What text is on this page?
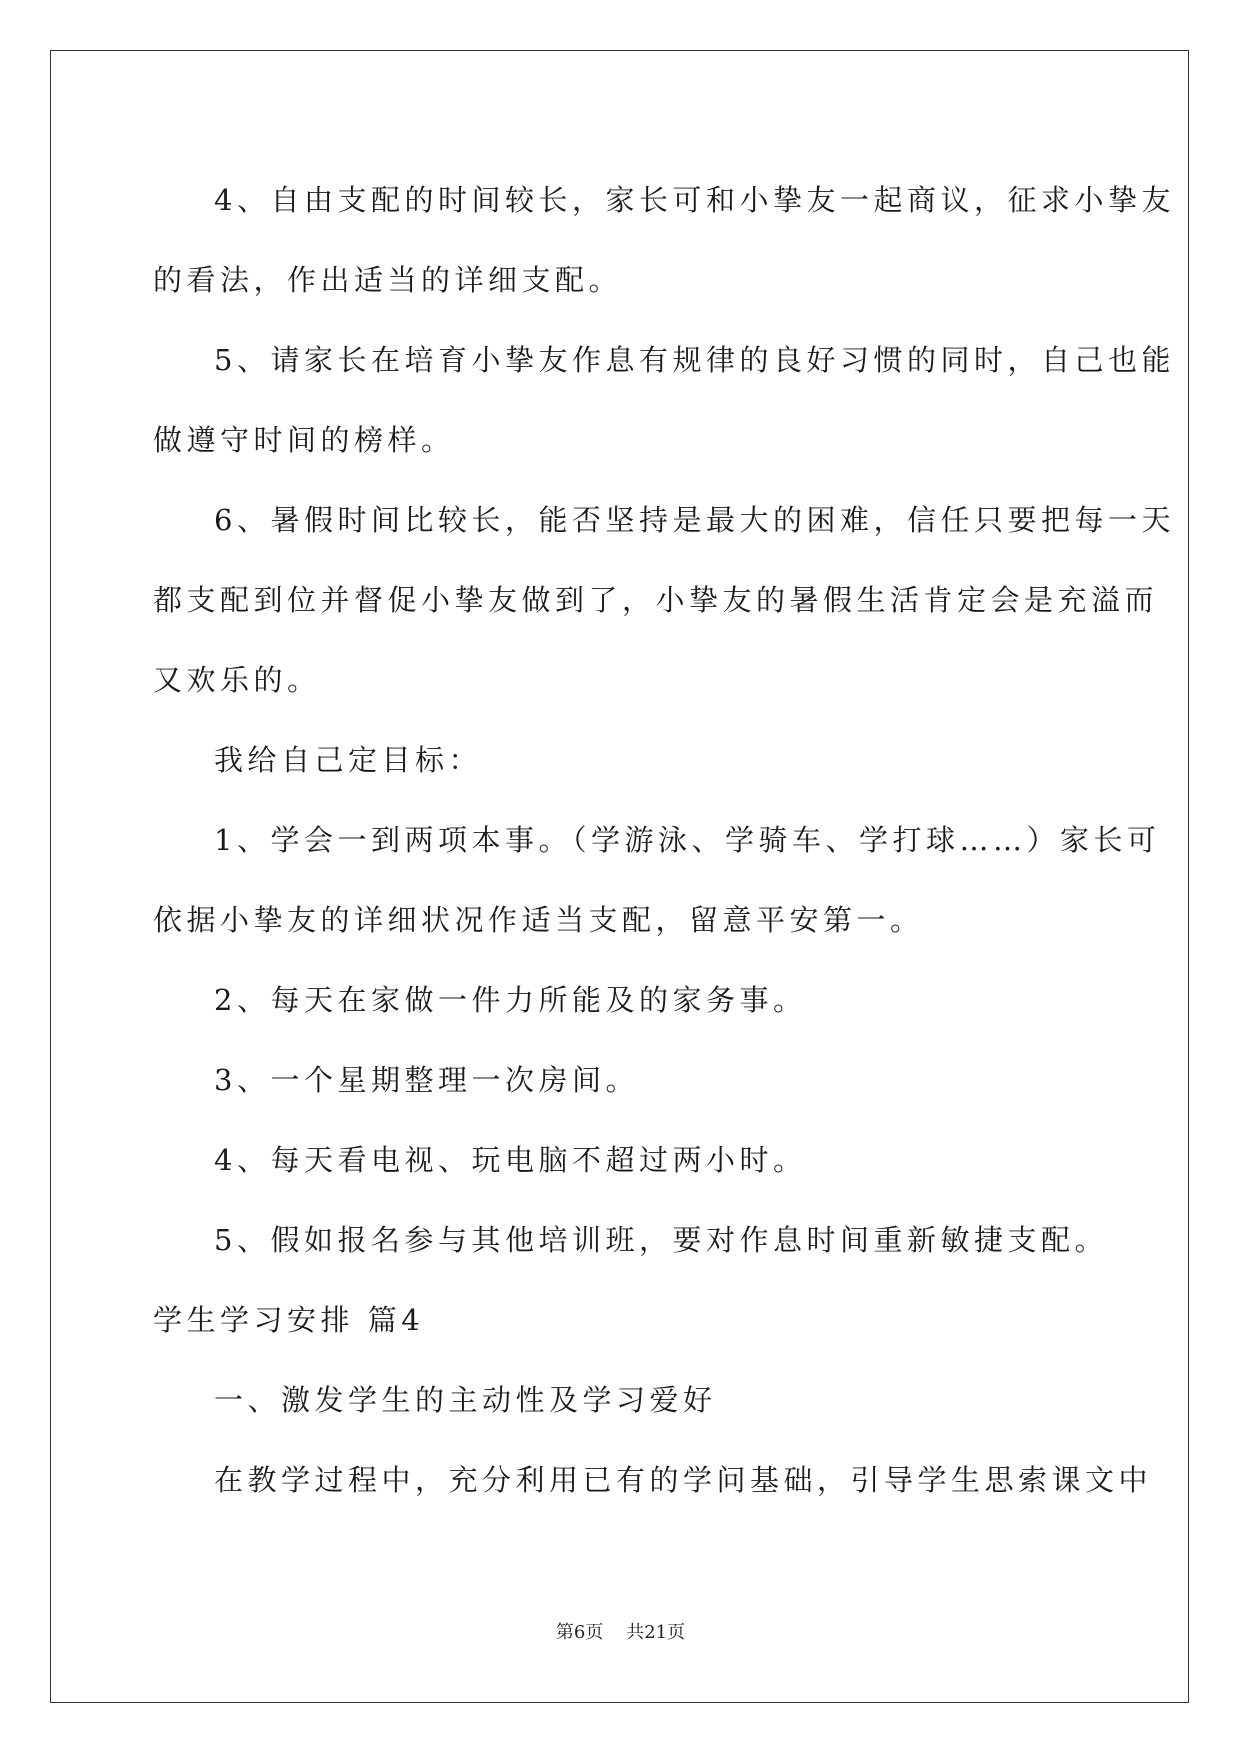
4、自由支配的时间较长，家长可和小挚友一起商议，征求小挚友

的看法，作出适当的详细支配。

5、请家长在培育小挚友作息有规律的良好习惯的同时，自己也能

做遵守时间的榜样。

6、暑假时间比较长，能否坚持是最大的困难，信任只要把每一天

都支配到位并督促小挚友做到了，小挚友的暑假生活肯定会是充溢而

又欢乐的。

我给自己定目标：

1、学会一到两项本事。（学游泳、学骑车、学打球……）家长可

依据小挚友的详细状况作适当支配，留意平安第一。

2、每天在家做一件力所能及的家务事。

3、一个星期整理一次房间。

4、每天看电视、玩电脑不超过两小时。

5、假如报名参与其他培训班，要对作息时间重新敏捷支配。

学生学习安排 篇4

一、激发学生的主动性及学习爱好

在教学过程中，充分利用已有的学问基础，引导学生思索课文中

第6页 共21页
